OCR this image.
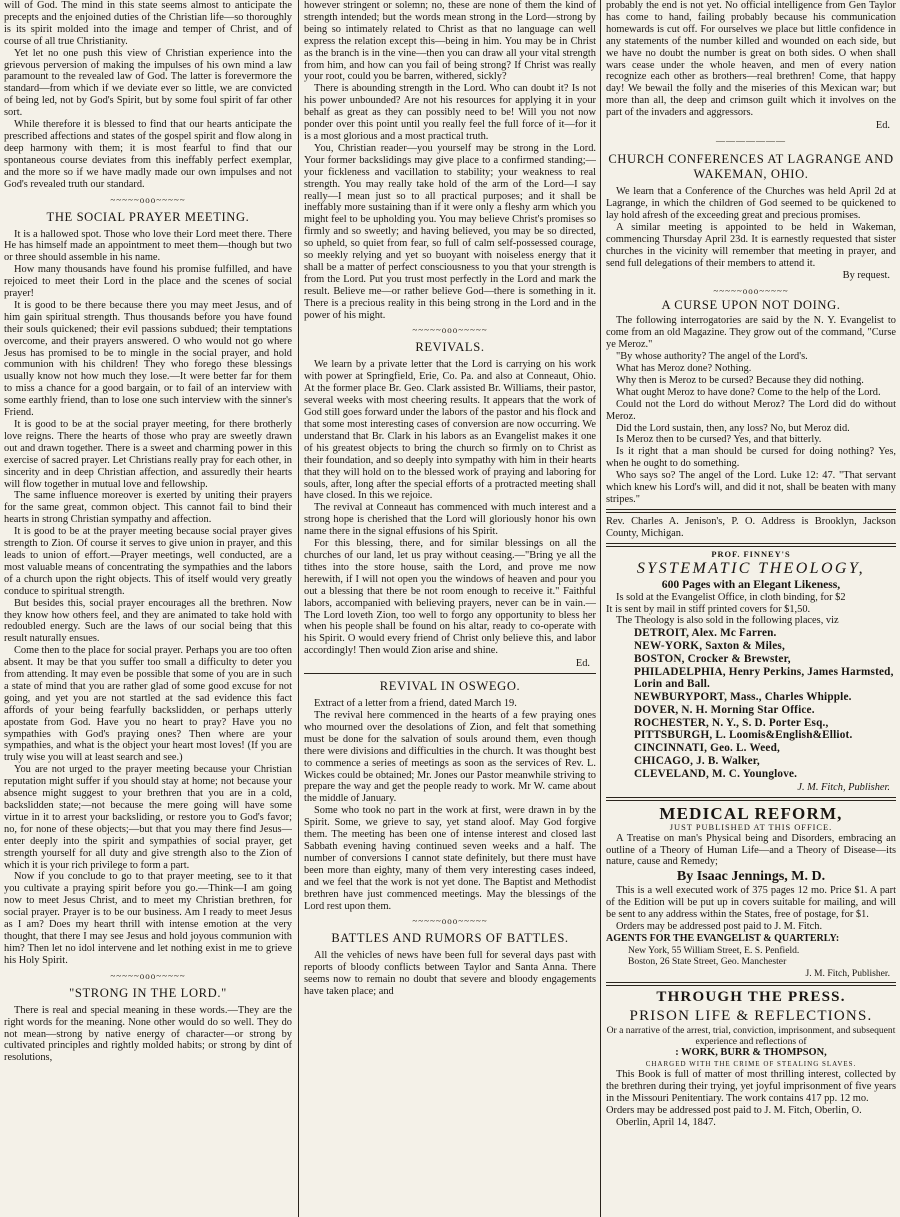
will of God. The mind in this state seems almost to anticipate the precepts and the enjoined duties of the Christian life—so thoroughly is its spirit molded into the image and temper of Christ, and of course of all true Christianity.

Yet let no one push this view of Christian experience into the grievous perversion of making the impulses of his own mind a law paramount to the revealed law of God. The latter is forevermore the standard—from which if we deviate ever so little, we are convicted of being led, not by God's Spirit, but by some foul spirit of far other sort.

While therefore it is blessed to find that our hearts anticipate the prescribed affections and states of the gospel spirit and flow along in deep harmony with them; it is most fearful to find that our spontaneous course deviates from this ineffably perfect exemplar, and the more so if we have madly made our own impulses and not God's revealed truth our standard.

~~~~~ooo~~~~~
THE SOCIAL PRAYER MEETING.

It is a hallowed spot. Those who love their Lord meet there. There He has himself made an appointment to meet them—though but two or three should assemble in his name.

How many thousands have found his promise fulfilled, and have rejoiced to meet their Lord in the place and the scenes of social prayer!

It is good to be there because there you may meet Jesus, and of him gain spiritual strength. Thus thousands before you have found their souls quickened; their evil passions subdued; their temptations overcome, and their prayers answered. O who would not go where Jesus has promised to be to mingle in the social prayer, and hold communion with his children! They who forego these blessings usually know not how much they lose.—It were better far for them to miss a chance for a good bargain, or to fail of an interview with some earthly friend, than to lose one such interview with the sinner's Friend.

It is good to be at the social prayer meeting, for there brotherly love reigns. There the hearts of those who pray are sweetly drawn out and drawn together. There is a sweet and charming power in this exercise of sacred prayer. Let Christians really pray for each other, in sincerity and in deep Christian affection, and assuredly their hearts will flow together in mutual love and fellowship.

The same influence moreover is exerted by uniting their prayers for the same great, common object. This cannot fail to bind their hearts in strong Christian sympathy and affection.

It is good to be at the prayer meeting because social prayer gives strength to Zion. Of course it serves to give union in prayer, and this leads to union of effort.—Prayer meetings, well conducted, are a most valuable means of concentrating the sympathies and the labors of a church upon the right objects. This of itself would very greatly conduce to spiritual strength.

But besides this, social prayer encourages all the brethren. Now they know how others feel, and they are animated to take hold with redoubled energy. Such are the laws of our social being that this result naturally ensues.

Come then to the place for social prayer. Perhaps you are too often absent. It may be that you suffer too small a difficulty to deter you from attending. It may even be possible that some of you are in such a state of mind that you are rather glad of some good excuse for not going, and yet you are not startled at the sad evidence this fact affords of your being fearfully backslidden, or perhaps utterly apostate from God. Have you no heart to pray? Have you no sympathies with God's praying ones? Then where are your sympathies, and what is the object your heart most loves! (If you are truly wise you will at least search and see.)

You are not urged to the prayer meeting because your Christian reputation might suffer if you should stay at home; not because your absence might suggest to your brethren that you are in a cold, backslidden state;—not because the mere going will have some virtue in it to arrest your backsliding, or restore you to God's favor; no, for none of these objects;—but that you may there find Jesus—enter deeply into the spirit and sympathies of social prayer, get strength yourself for all duty and give strength also to the Zion of which it is your rich privilege to form a part.

Now if you conclude to go to that prayer meeting, see to it that you cultivate a praying spirit before you go.—Think—I am going now to meet Jesus Christ, and to meet my Christian brethren, for social prayer. Prayer is to be our business. Am I ready to meet Jesus as I am? Does my heart thrill with intense emotion at the very thought, that there I may see Jesus and hold joyous communion with him? Then let no idol intervene and let nothing exist in me to grieve his Holy Spirit.

~~~~~ooo~~~~~
"STRONG IN THE LORD."

There is real and special meaning in these words.—They are the right words for the meaning. None other would do so well. They do not mean—strong by native energy of character—or strong by cultivated principles and rightly molded habits; or strong by dint of resolutions,

however stringent or solemn; no, these are none of them the kind of strength intended; but the words mean strong in the Lord—strong by being so intimately related to Christ as that no language can well express the relation except this—being in him. You may be in Christ as the branch is in the vine—then you can draw all your vital strength from him, and how can you fail of being strong? If Christ was really your root, could you be barren, withered, sickly?

There is abounding strength in the Lord. Who can doubt it? Is not his power unbounded? Are not his resources for applying it in your behalf as great as they can possibly need to be! Will you not now ponder over this point until you really feel the full force of it—for it is a most glorious and a most practical truth.

You, Christian reader—you yourself may be strong in the Lord. Your former backslidings may give place to a confirmed standing;—your fickleness and vacillation to stability; your weakness to real strength. You may really take hold of the arm of the Lord—I say really—I mean just so to all practical purposes; and it shall be ineffably more sustaining than if it were only a fleshy arm which you might feel to be upholding you. You may believe Christ's promises so firmly and so sweetly; and having believed, you may be so directed, so upheld, so quiet from fear, so full of calm self-possessed courage, so meekly relying and yet so buoyant with noiseless energy that it shall be a matter of perfect consciousness to you that your strength is from the Lord. Put you trust most perfectly in the Lord and mark the result. Believe me—or rather believe God—there is something in it. There is a precious reality in this being strong in the Lord and in the power of his might.

~~~~~ooo~~~~~
REVIVALS.

We learn by a private letter that the Lord is carrying on his work with power at Springfield, Erie, Co. Pa. and also at Conneaut, Ohio. At the former place Br. Geo. Clark assisted Br. Williams, their pastor, several weeks with most cheering results. It appears that the work of God still goes forward under the labors of the pastor and his flock and that some most interesting cases of conversion are now occurring. We understand that Br. Clark in his labors as an Evangelist makes it one of his greatest objects to bring the church so firmly on to Christ as their foundation, and so deeply into sympathy with him in their hearts that they will hold on to the blessed work of praying and laboring for souls, after, long after the special efforts of a protracted meeting shall have closed. In this we rejoice.

The revival at Conneaut has commenced with much interest and a strong hope is cherished that the Lord will gloriously honor his own name there in the signal effusions of his Spirit.

For this blessing, there, and for similar blessings on all the churches of our land, let us pray without ceasing.—"Bring ye all the tithes into the store house, saith the Lord, and prove me now herewith, if I will not open you the windows of heaven and pour you out a blessing that there be not room enough to receive it." Faithful labors, accompanied with believing prayers, never can be in vain.—The Lord loveth Zion, too well to forgo any opportunity to bless her when his people shall be found on his altar, ready to co-operate with his Spirit. O would every friend of Christ only believe this, and labor accordingly! Then would Zion arise and shine.

Ed.
REVIVAL IN OSWEGO.

Extract of a letter from a friend, dated March 19.

The revival here commenced in the hearts of a few praying ones who mourned over the desolations of Zion, and felt that something must be done for the salvation of souls around them, even though there were divisions and difficulties in the church. It was thought best to commence a series of meetings as soon as the services of Rev. L. Wickes could be obtained; Mr. Jones our Pastor meanwhile striving to prepare the way and get the people ready to work. Mr W. came about the middle of January.

Some who took no part in the work at first, were drawn in by the Spirit. Some, we grieve to say, yet stand aloof. May God forgive them. The meeting has been one of intense interest and closed last Sabbath evening having continued seven weeks and a half. The number of conversions I cannot state definitely, but there must have been more than eighty, many of them very interesting cases indeed, and we feel that the work is not yet done. The Baptist and Methodist brethren have just commenced meetings. May the blessings of the Lord rest upon them.

~~~~~ooo~~~~~
BATTLES AND RUMORS OF BATTLES.

All the vehicles of news have been full for several days past with reports of bloody conflicts between Taylor and Santa Anna. There seems now to remain no doubt that severe and bloody engagements have taken place; and

probably the end is not yet. No official intelligence from Gen Taylor has come to hand, failing probably because his communication homewards is cut off. For ourselves we place but little confidence in any statements of the number killed and wounded on each side, but we have no doubt the number is great on both sides. O when shall wars cease under the whole heaven, and men of every nation recognize each other as brothers—real brethren! Come, that happy day! We bewail the folly and the miseries of this Mexican war; but more than all, the deep and crimson guilt which it involves on the part of the invaders and aggressors.

Ed.
———————
CHURCH CONFERENCES AT LAGRANGE AND WAKEMAN, OHIO.

We learn that a Conference of the Churches was held April 2d at Lagrange, in which the children of God seemed to be quickened to lay hold afresh of the exceeding great and precious promises.

A similar meeting is appointed to be held in Wakeman, commencing Thursday April 23d. It is earnestly requested that sister churches in the vicinity will remember that meeting in prayer, and send full delegations of their members to attend it.

By request.
~~~~~ooo~~~~~
A CURSE UPON NOT DOING.

The following interrogatories are said by the N. Y. Evangelist to come from an old Magazine. They grow out of the command, "Curse ye Meroz."

"By whose authority? The angel of the Lord's.

What has Meroz done? Nothing.

Why then is Meroz to be cursed? Because they did nothing.

What ought Meroz to have done? Come to the help of the Lord.

Could not the Lord do without Meroz? The Lord did do without Meroz.

Did the Lord sustain, then, any loss? No, but Meroz did.

Is Meroz then to be cursed? Yes, and that bitterly.

Is it right that a man should be cursed for doing nothing? Yes, when he ought to do something.

Who says so? The angel of the Lord. Luke 12: 47. "That servant which knew his Lord's will, and did it not, shall be beaten with many stripes."

Rev. Charles A. Jenison's, P. O. Address is Brooklyn, Jackson County, Michigan.

PROF. FINNEY'S
SYSTEMATIC THEOLOGY,
600 Pages with an Elegant Likeness,

Is sold at the Evangelist Office, in cloth binding, for $2

It is sent by mail in stiff printed covers for $1,50.

The Theology is also sold in the following places, viz

DETROIT, Alex. Mc Farren.
NEW-YORK, Saxton & Miles,
BOSTON, Crocker & Brewster,
PHILADELPHIA, Henry Perkins, James Harmsted, Lorin and Ball.
NEWBURYPORT, Mass., Charles Whipple.
DOVER, N. H. Morning Star Office.
ROCHESTER, N. Y., S. D. Porter Esq.,
PITTSBURGH, L. Loomis&English&Elliot.
CINCINNATI, Geo. L. Weed,
CHICAGO, J. B. Walker,
CLEVELAND, M. C. Younglove.
J. M. Fitch, Publisher.
MEDICAL REFORM,
JUST PUBLISHED AT THIS OFFICE.

A Treatise on man's Physical being and Disorders, embracing an outline of a Theory of Human Life—and a Theory of Disease—its nature, cause and Remedy;

By Isaac Jennings, M. D.

This is a well executed work of 375 pages 12 mo. Price $1. A part of the Edition will be put up in covers suitable for mailing, and will be sent to any address within the States, free of postage, for $1.

Orders may be addressed post paid to J. M. Fitch.

AGENTS FOR THE EVANGELIST & QUARTERLY:

New York, 55 William Street, E. S. Penfield.
Boston, 26 State Street, Geo. Manchester
J. M. Fitch, Publisher.
THROUGH THE PRESS.
PRISON LIFE & REFLECTIONS.

Or a narrative of the arrest, trial, conviction, imprisonment, and subsequent experience and reflections of

: WORK, BURR & THOMPSON,
CHARGED WITH THE CRIME OF STEALING SLAVES.

This Book is full of matter of most thrilling interest, collected by the brethren during their trying, yet joyful imprisonment of five years in the Missouri Penitentiary. The work contains 417 pp. 12 mo.

Orders may be addressed post paid to J. M. Fitch, Oberlin, O.

Oberlin, April 14, 1847.
